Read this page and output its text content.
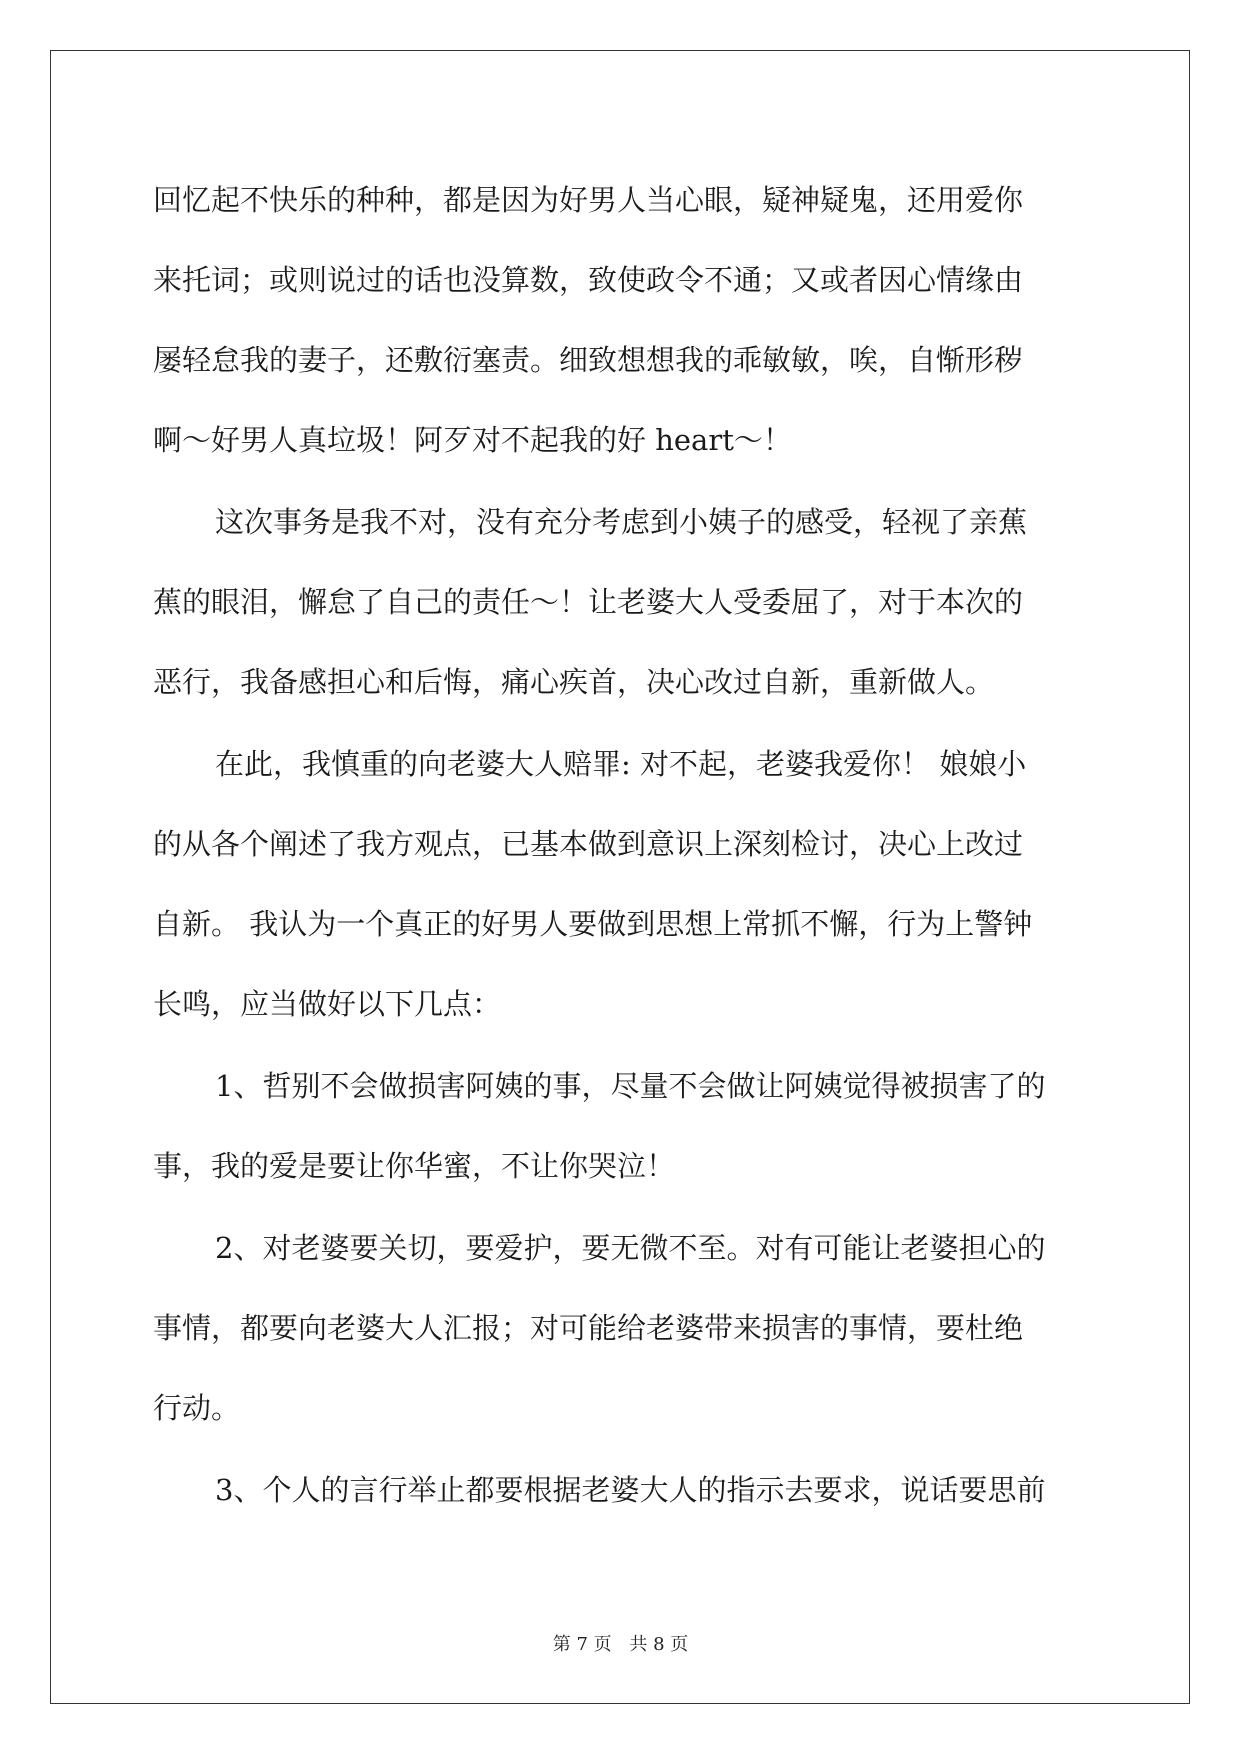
回忆起不快乐的种种，都是因为好男人当心眼，疑神疑鬼，还用爱你
来托词；或则说过的话也没算数，致使政令不通；又或者因心情缘由
屡轻怠我的妻子，还敷衍塞责。细致想想我的乖敏敏，唉，自惭形秽
啊～好男人真垃圾！阿歹对不起我的好 heart～！

这次事务是我不对，没有充分考虑到小姨子的感受，轻视了亲蕉
蕉的眼泪，懈怠了自己的责任～！让老婆大人受委屈了，对于本次的
恶行，我备感担心和后悔，痛心疾首，决心改过自新，重新做人。

在此，我慎重的向老婆大人赔罪: 对不起，老婆我爱你！ 娘娘小
的从各个阐述了我方观点，已基本做到意识上深刻检讨，决心上改过
自新。 我认为一个真正的好男人要做到思想上常抓不懈，行为上警钟
长鸣，应当做好以下几点：

1、哲别不会做损害阿姨的事，尽量不会做让阿姨觉得被损害了的
事，我的爱是要让你华蜜，不让你哭泣！

2、对老婆要关切，要爱护，要无微不至。对有可能让老婆担心的
事情，都要向老婆大人汇报；对可能给老婆带来损害的事情，要杜绝
行动。

3、个人的言行举止都要根据老婆大人的指示去要求，说话要思前

第 7 页 共 8 页
